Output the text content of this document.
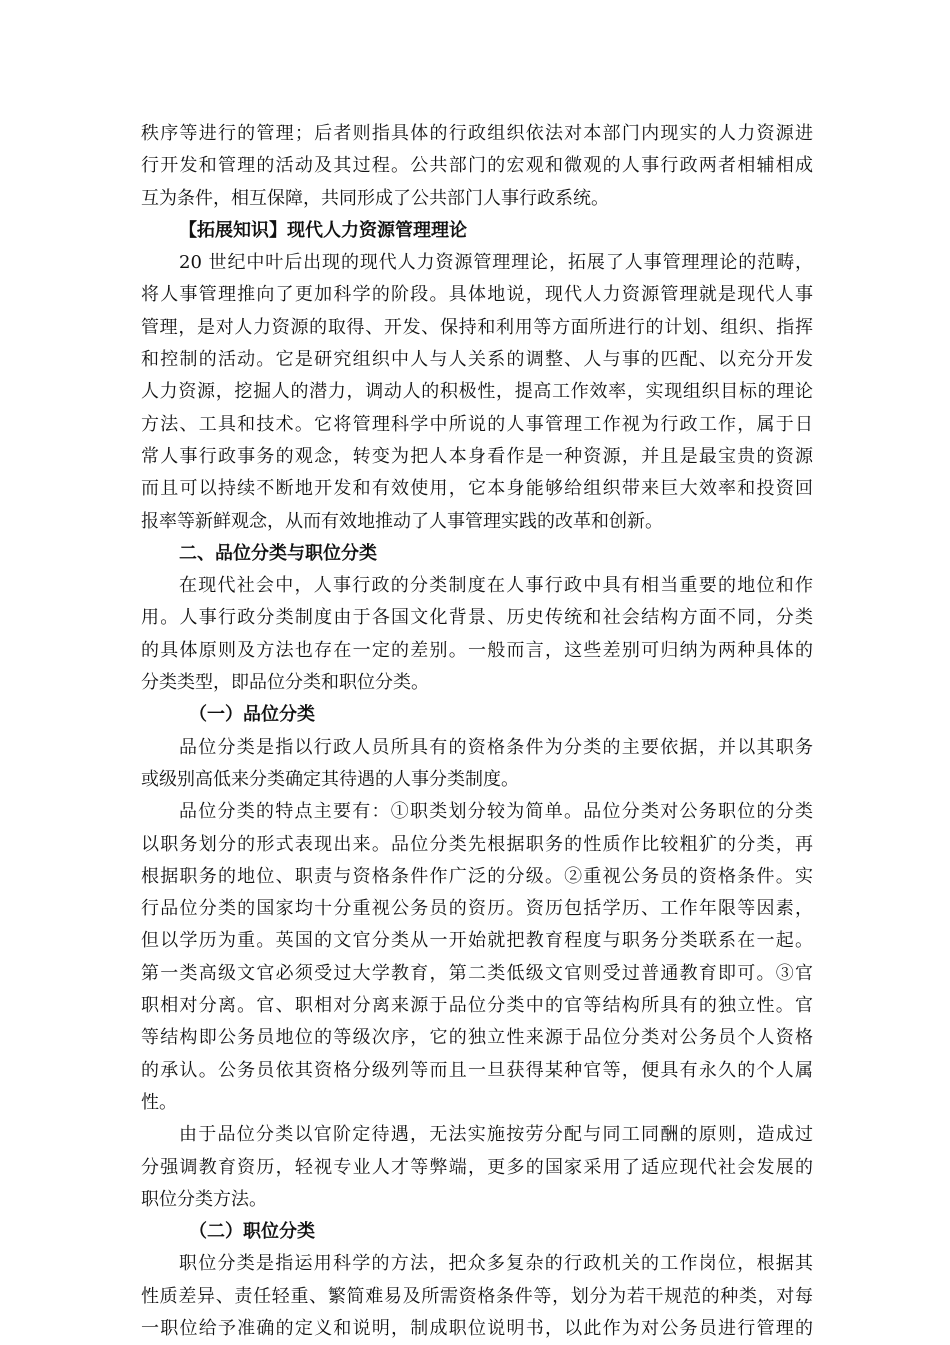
秩序等进行的管理；后者则指具体的行政组织依法对本部门内现实的人力资源进
行开发和管理的活动及其过程。公共部门的宏观和微观的人事行政两者相辅相成
互为条件，相互保障，共同形成了公共部门人事行政系统。
【拓展知识】现代人力资源管理理论
20 世纪中叶后出现的现代人力资源管理理论，拓展了人事管理理论的范畴，
将人事管理推向了更加科学的阶段。具体地说，现代人力资源管理就是现代人事
管理，是对人力资源的取得、开发、保持和利用等方面所进行的计划、组织、指挥
和控制的活动。它是研究组织中人与人关系的调整、人与事的匹配、以充分开发
人力资源，挖掘人的潜力，调动人的积极性，提高工作效率，实现组织目标的理论
方法、工具和技术。它将管理科学中所说的人事管理工作视为行政工作，属于日
常人事行政事务的观念，转变为把人本身看作是一种资源，并且是最宝贵的资源
而且可以持续不断地开发和有效使用，它本身能够给组织带来巨大效率和投资回
报率等新鲜观念，从而有效地推动了人事管理实践的改革和创新。
二、品位分类与职位分类
在现代社会中，人事行政的分类制度在人事行政中具有相当重要的地位和作
用。人事行政分类制度由于各国文化背景、历史传统和社会结构方面不同，分类
的具体原则及方法也存在一定的差别。一般而言，这些差别可归纳为两种具体的
分类类型，即品位分类和职位分类。
（一）品位分类
品位分类是指以行政人员所具有的资格条件为分类的主要依据，并以其职务
或级别高低来分类确定其待遇的人事分类制度。
品位分类的特点主要有：①职类划分较为简单。品位分类对公务职位的分类
以职务划分的形式表现出来。品位分类先根据职务的性质作比较粗犷的分类，再
根据职务的地位、职责与资格条件作广泛的分级。②重视公务员的资格条件。实
行品位分类的国家均十分重视公务员的资历。资历包括学历、工作年限等因素，
但以学历为重。英国的文官分类从一开始就把教育程度与职务分类联系在一起。
第一类高级文官必须受过大学教育，第二类低级文官则受过普通教育即可。③官
职相对分离。官、职相对分离来源于品位分类中的官等结构所具有的独立性。官
等结构即公务员地位的等级次序，它的独立性来源于品位分类对公务员个人资格
的承认。公务员依其资格分级列等而且一旦获得某种官等，便具有永久的个人属
性。
由于品位分类以官阶定待遇，无法实施按劳分配与同工同酬的原则，造成过
分强调教育资历，轻视专业人才等弊端，更多的国家采用了适应现代社会发展的
职位分类方法。
（二）职位分类
职位分类是指运用科学的方法，把众多复杂的行政机关的工作岗位，根据其
性质差异、责任轻重、繁简难易及所需资格条件等，划分为若干规范的种类，对每
一职位给予准确的定义和说明，制成职位说明书，以此作为对公务员进行管理的
